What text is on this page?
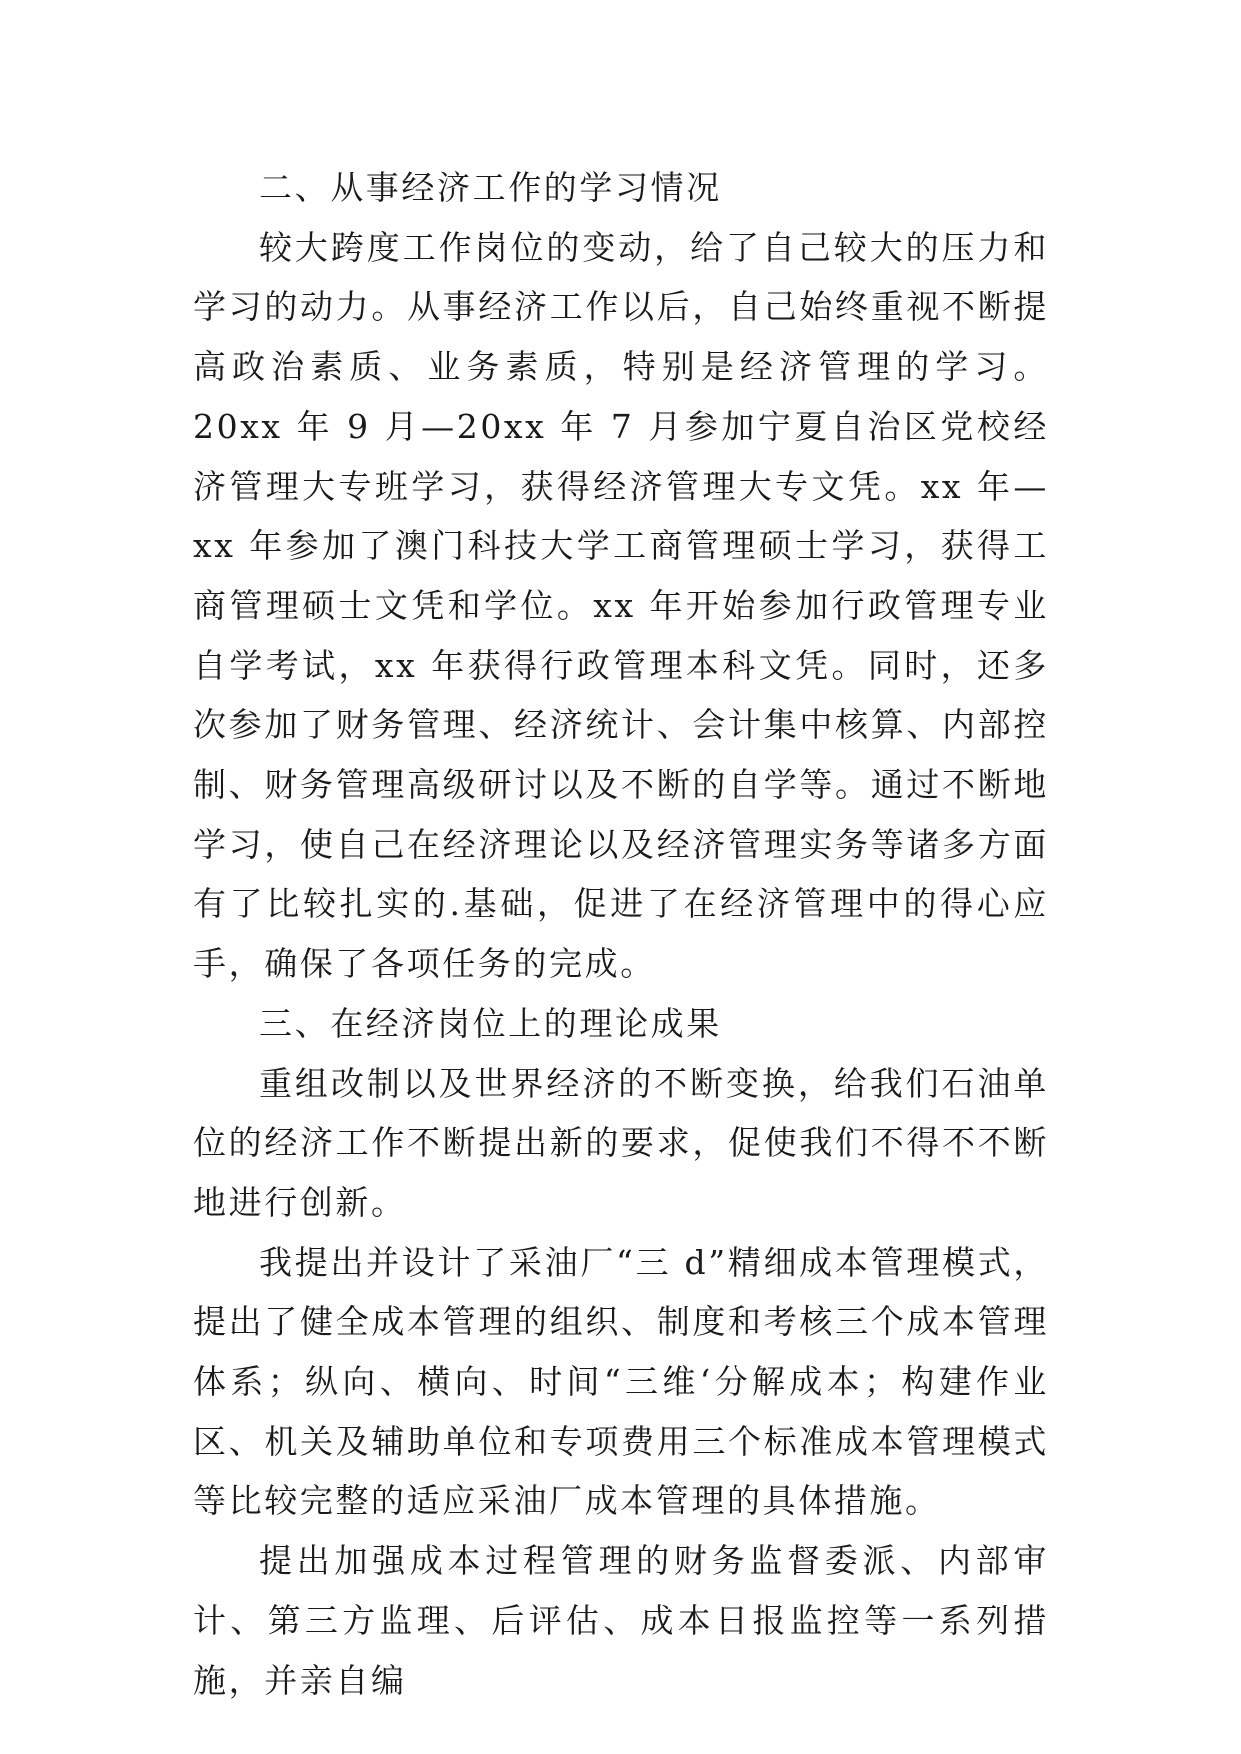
二、从事经济工作的学习情况

较大跨度工作岗位的变动，给了自己较大的压力和学习的动力。从事经济工作以后，自己始终重视不断提高政治素质、业务素质，特别是经济管理的学习。20xx 年 9 月—20xx 年 7 月参加宁夏自治区党校经济管理大专班学习，获得经济管理大专文凭。xx 年—xx 年参加了澳门科技大学工商管理硕士学习，获得工商管理硕士文凭和学位。xx 年开始参加行政管理专业自学考试，xx 年获得行政管理本科文凭。同时，还多次参加了财务管理、经济统计、会计集中核算、内部控制、财务管理高级研讨以及不断的自学等。通过不断地学习，使自己在经济理论以及经济管理实务等诸多方面有了比较扎实的.基础，促进了在经济管理中的得心应手，确保了各项任务的完成。

三、在经济岗位上的理论成果

重组改制以及世界经济的不断变换，给我们石油单位的经济工作不断提出新的要求，促使我们不得不不断地进行创新。

我提出并设计了采油厂“三 d”精细成本管理模式，提出了健全成本管理的组织、制度和考核三个成本管理体系；纵向、横向、时间“三维‘分解成本；构建作业区、机关及辅助单位和专项费用三个标准成本管理模式等比较完整的适应采油厂成本管理的具体措施。

提出加强成本过程管理的财务监督委派、内部审计、第三方监理、后评估、成本日报监控等一系列措施，并亲自编
